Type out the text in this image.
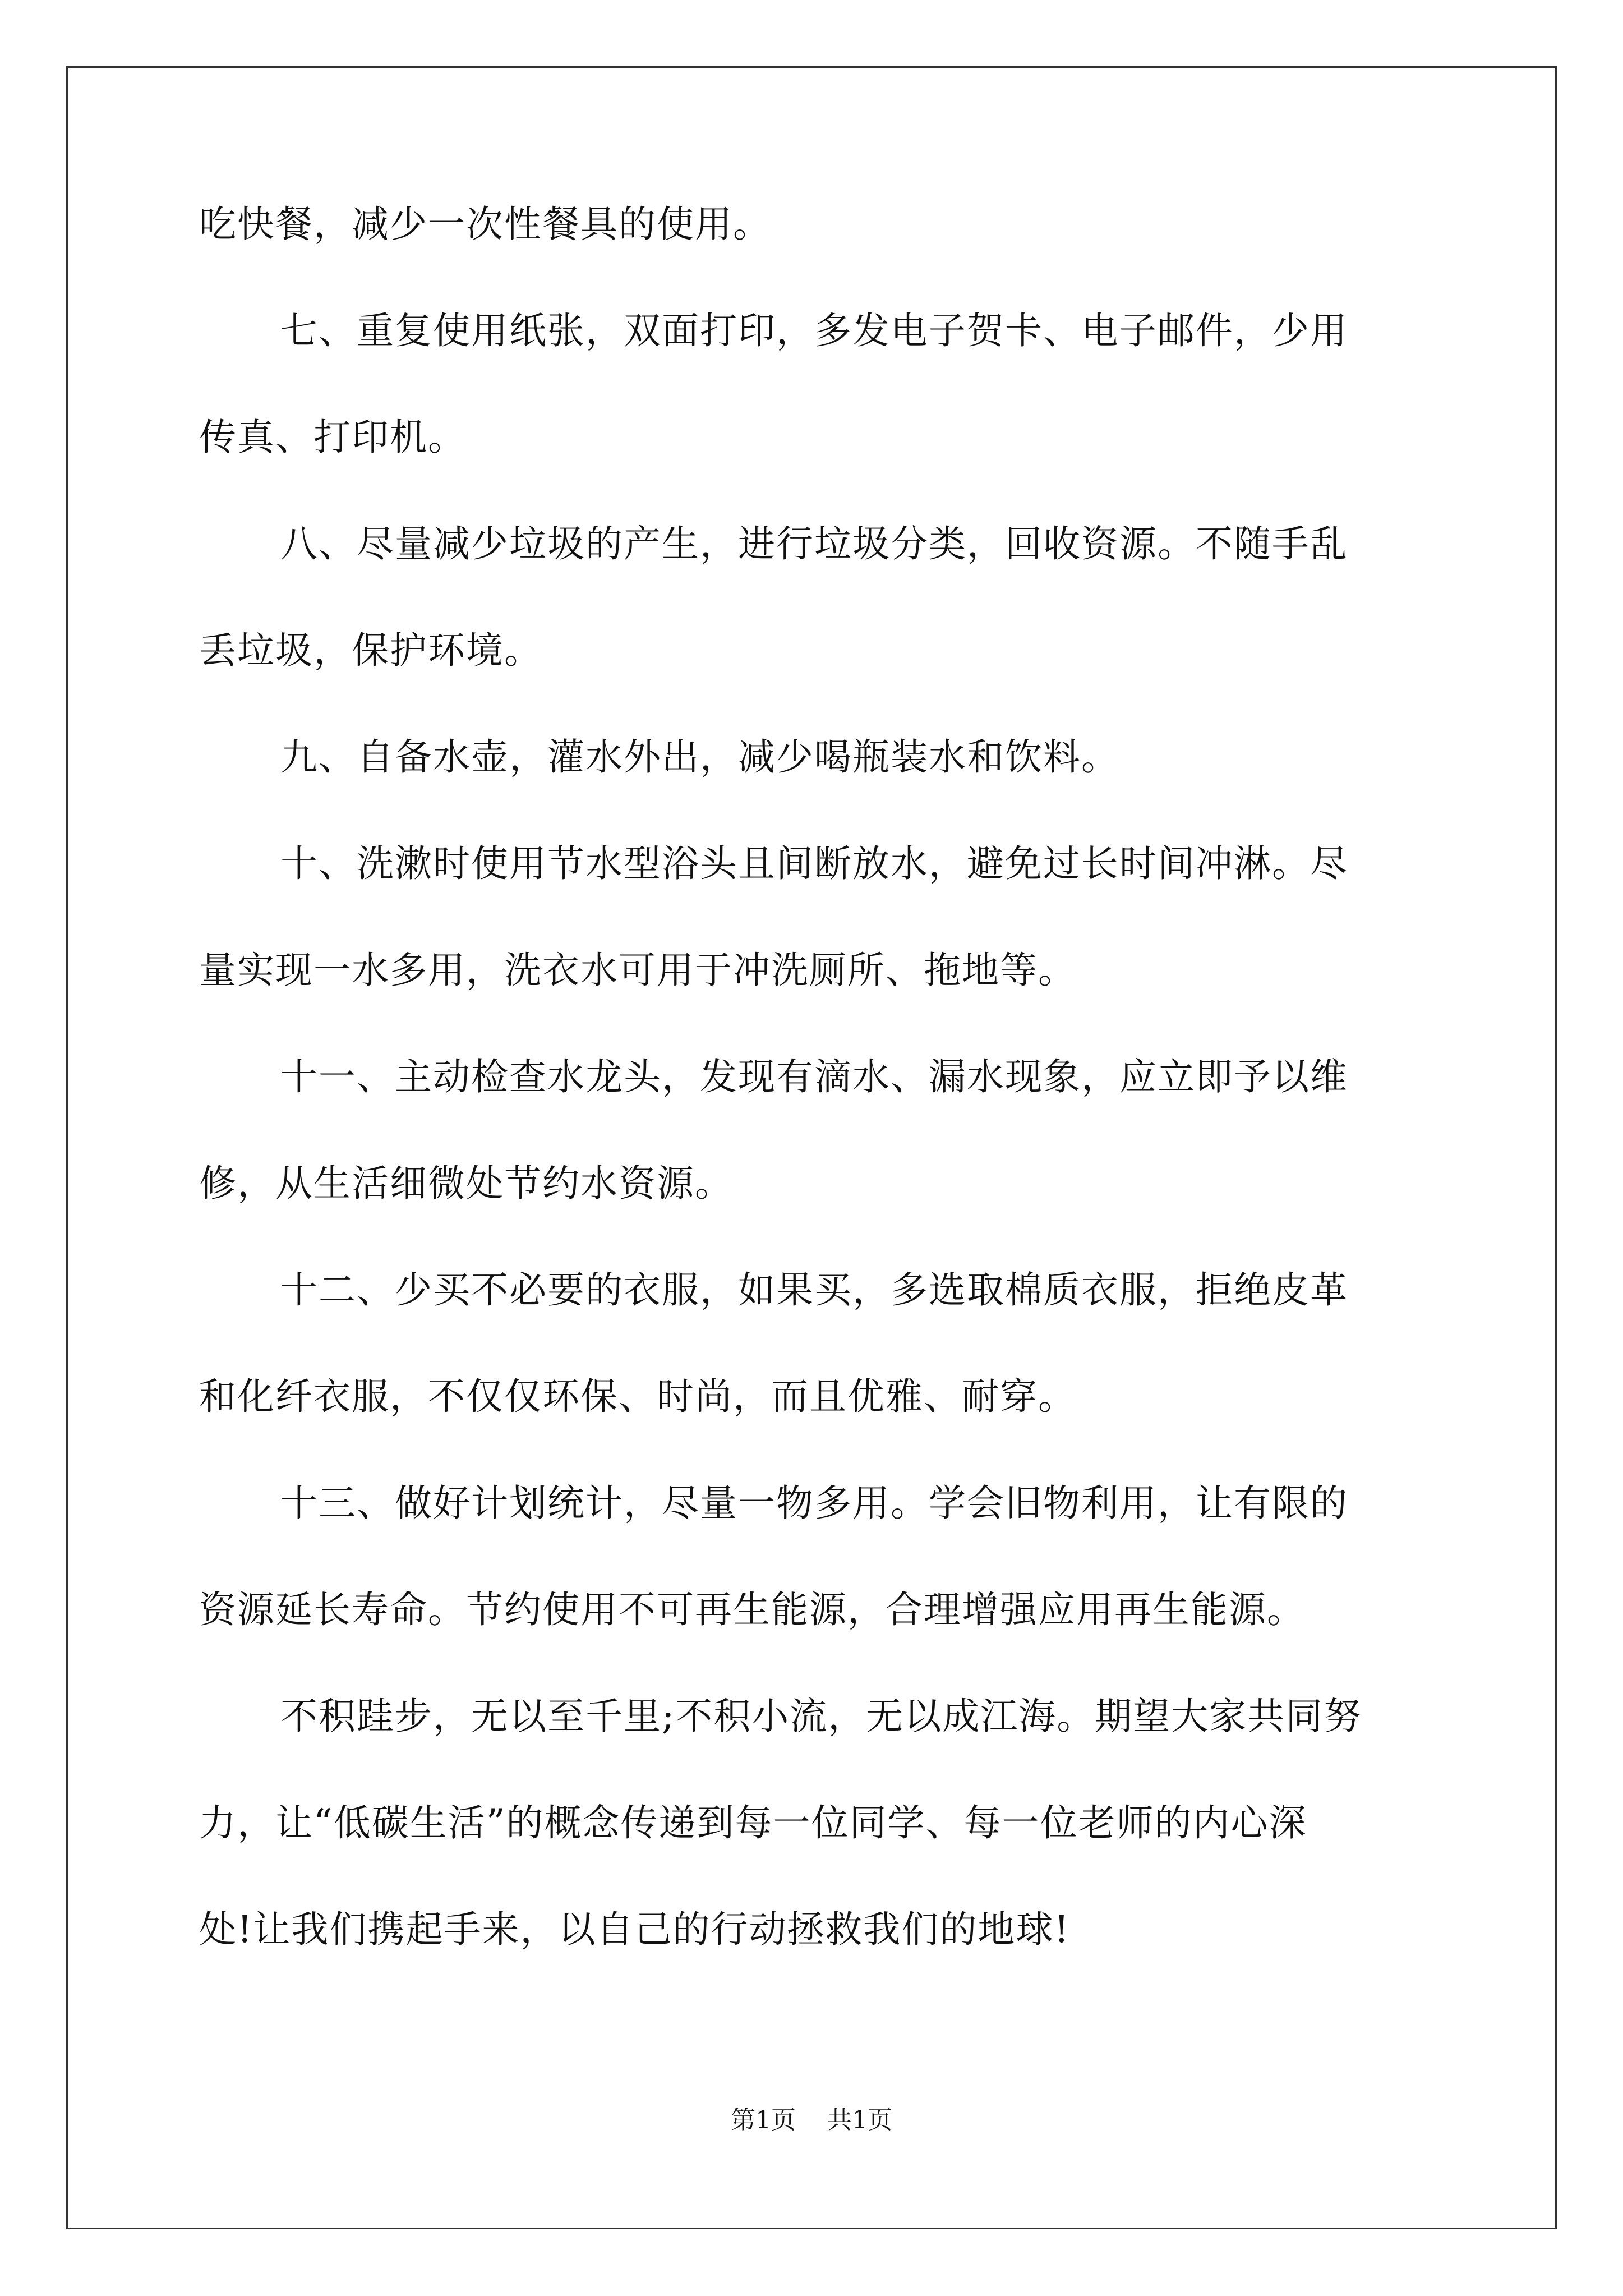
吃快餐，减少一次性餐具的使用。
七、重复使用纸张，双面打印，多发电子贺卡、电子邮件，少用
传真、打印机。
八、尽量减少垃圾的产生，进行垃圾分类，回收资源。不随手乱
丢垃圾，保护环境。
九、自备水壶，灌水外出，减少喝瓶装水和饮料。
十、洗漱时使用节水型浴头且间断放水，避免过长时间冲淋。尽
量实现一水多用，洗衣水可用于冲洗厕所、拖地等。
十一、主动检查水龙头，发现有滴水、漏水现象，应立即予以维
修，从生活细微处节约水资源。
十二、少买不必要的衣服，如果买，多选取棉质衣服，拒绝皮革
和化纤衣服，不仅仅环保、时尚，而且优雅、耐穿。
十三、做好计划统计，尽量一物多用。学会旧物利用，让有限的
资源延长寿命。节约使用不可再生能源，合理增强应用再生能源。
不积跬步，无以至千里;不积小流，无以成江海。期望大家共同努
力，让“低碳生活”的概念传递到每一位同学、每一位老师的内心深
处!让我们携起手来，以自己的行动拯救我们的地球!
第1页 共1页
